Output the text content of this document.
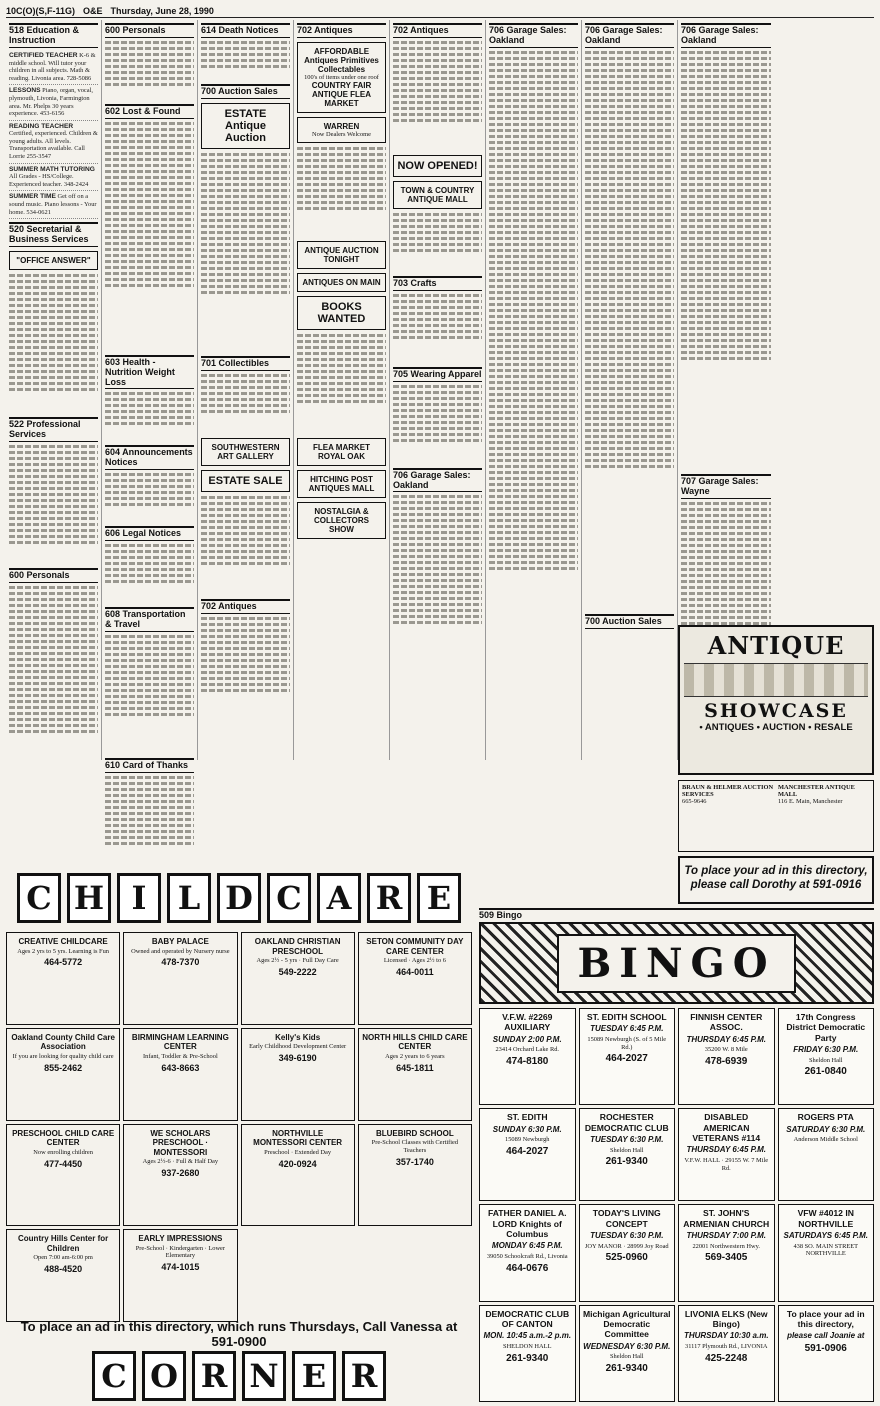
10C(O)(S,F-11G) O&E Thursday, June 28, 1990
518 Education & Instruction
CERTIFIED TEACHER K-6 & middle school. Will tutor your children in all subjects. Math & reading. Livonia area. 728-5086
LESSONS Piano, organ, vocal, plymouth, Livonia, Farmington area. Mr. Phelps 30 years experience. 453-6156
READING TEACHER Certified, experienced. Children & young adults. All levels. Transportation available. Call Lorrie 255-3547
SUMMER MATH TUTORING All Grades - HS/College. Experienced teacher. 348-2424
SUMMER TIME Get off on a sound music. Piano lessons - Your home. 534-0621
520 Secretarial & Business Services
"OFFICE ANSWER"
522 Professional Services
600 Personals
600 Personals
602 Lost & Found
603 Health - Nutrition Weight Loss
604 Announcements Notices
606 Legal Notices
608 Transportation & Travel
610 Card of Thanks
614 Death Notices
700 Auction Sales
ESTATE Antique Auction
701 Collectibles
SOUTHWESTERN ART GALLERY
ESTATE SALE
702 Antiques
702 Antiques
AFFORDABLE Antiques Primitives Collectables
100's of items under one roof
COUNTRY FAIR ANTIQUE FLEA MARKET
WARREN
Now Dealers Welcome
ANTIQUE AUCTION TONIGHT
ANTIQUES ON MAIN
BOOKS WANTED
FLEA MARKET ROYAL OAK
HITCHING POST ANTIQUES MALL
NOSTALGIA & COLLECTORS SHOW
702 Antiques
NOW OPENED!
TOWN & COUNTRY ANTIQUE MALL
703 Crafts
705 Wearing Apparel
706 Garage Sales: Oakland
706 Garage Sales: Oakland
706 Garage Sales: Oakland
700 Auction Sales
706 Garage Sales: Oakland
707 Garage Sales: Wayne
ANTIQUE
SHOWCASE
• ANTIQUES • AUCTION • RESALE
BRAUN & HELMER AUCTION SERVICES
665-9646
MANCHESTER ANTIQUE MALL
116 E. Main, Manchester
To place your ad in this directory, please call Dorothy at 591-0916
C H I L D C A R E
CREATIVE CHILDCARE
Ages 2 yrs to 5 yrs. Learning is Fun
464-5772
BABY PALACE
Owned and operated by Nursery nurse
478-7370
OAKLAND CHRISTIAN PRESCHOOL
Ages 2½ - 5 yrs · Full Day Care
549-2222
SETON COMMUNITY DAY CARE CENTER
Licensed · Ages 2½ to 6
464-0011
Oakland County Child Care Association
If you are looking for quality child care
855-2462
BIRMINGHAM LEARNING CENTER
Infant, Toddler & Pre-School
643-8663
Kelly's Kids
Early Childhood Development Center
349-6190
NORTH HILLS CHILD CARE CENTER
Ages 2 years to 6 years
645-1811
PRESCHOOL CHILD CARE CENTER
Now enrolling children
477-4450
WE SCHOLARS PRESCHOOL · MONTESSORI
Ages 2½-6 · Full & Half Day
937-2680
NORTHVILLE MONTESSORI CENTER
Preschool · Extended Day
420-0924
BLUEBIRD SCHOOL
Pre-School Classes with Certified Teachers
357-1740
Country Hills Center for Children
Open 7:00 am-6:00 pm
488-4520
EARLY IMPRESSIONS
Pre-School · Kindergarten · Lower Elementary
474-1015
To place an ad in this directory, which runs Thursdays, Call Vanessa at 591-0900
C O R N E R
509 Bingo
BINGO
V.F.W. #2269 AUXILIARY
SUNDAY 2:00 P.M.
23414 Orchard Lake Rd.
474-8180
ST. EDITH SCHOOL
TUESDAY 6:45 P.M.
15089 Newburgh (S. of 5 Mile Rd.)
464-2027
FINNISH CENTER ASSOC.
THURSDAY 6:45 P.M.
35200 W. 8 Mile
478-6939
17th Congress District Democratic Party
FRIDAY 6:30 P.M.
Sheldon Hall
261-0840
ST. EDITH
SUNDAY 6:30 P.M.
15089 Newburgh
464-2027
ROCHESTER DEMOCRATIC CLUB
TUESDAY 6:30 P.M.
Sheldon Hall
261-9340
DISABLED AMERICAN VETERANS #114
THURSDAY 6:45 P.M.
V.F.W. HALL · 29155 W. 7 Mile Rd.
ROGERS PTA
SATURDAY 6:30 P.M.
Anderson Middle School
FATHER DANIEL A. LORD Knights of Columbus
MONDAY 6:45 P.M.
39050 Schoolcraft Rd., Livonia
464-0676
TODAY'S LIVING CONCEPT
TUESDAY 6:30 P.M.
JOY MANOR · 28999 Joy Road
525-0960
ST. JOHN'S ARMENIAN CHURCH
THURSDAY 7:00 P.M.
22001 Northwestern Hwy.
569-3405
VFW #4012 IN NORTHVILLE
SATURDAYS 6:45 P.M.
438 SO. MAIN STREET NORTHVILLE
DEMOCRATIC CLUB OF CANTON
MON. 10:45 a.m.-2 p.m.
SHELDON HALL
261-9340
Michigan Agricultural Democratic Committee
WEDNESDAY 6:30 P.M.
Sheldon Hall
261-9340
LIVONIA ELKS (New Bingo)
THURSDAY 10:30 a.m.
31117 Plymouth Rd., LIVONIA
425-2248
To place your ad in this directory,
please call Joanie at
591-0906
